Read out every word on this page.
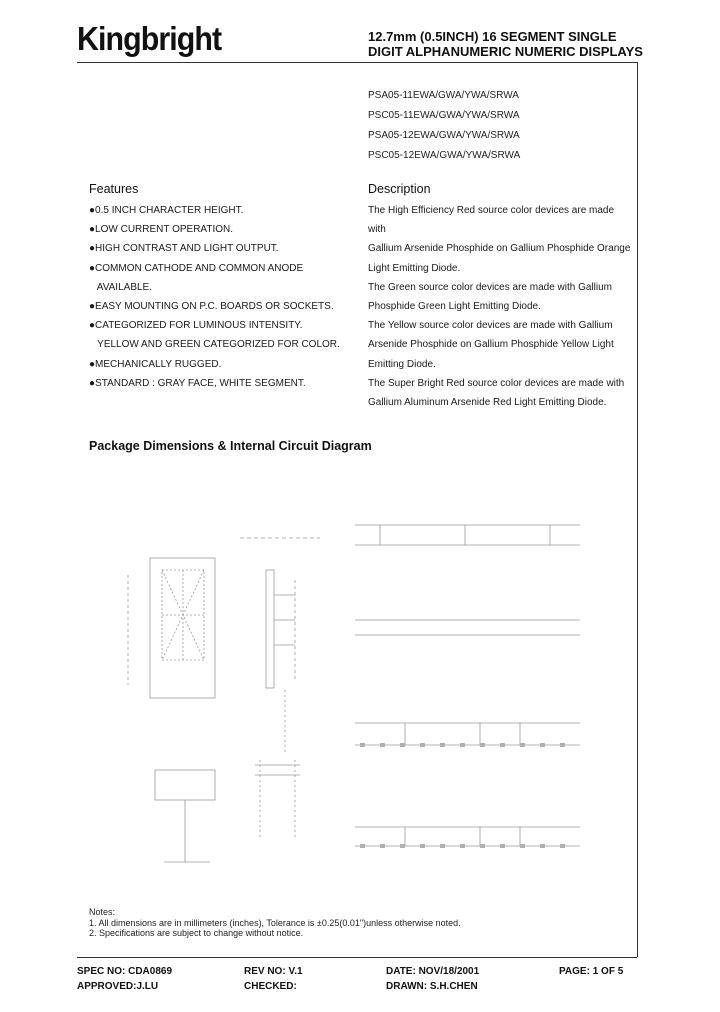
Kingbright	12.7mm (0.5INCH) 16 SEGMENT SINGLE
DIGIT ALPHANUMERIC NUMERIC DISPLAYS
PSA05-11EWA/GWA/YWA/SRWA
PSC05-11EWA/GWA/YWA/SRWA
PSA05-12EWA/GWA/YWA/SRWA
PSC05-12EWA/GWA/YWA/SRWA
Features
●0.5 INCH CHARACTER HEIGHT.
●LOW CURRENT OPERATION.
●HIGH CONTRAST AND LIGHT OUTPUT.
●COMMON CATHODE AND COMMON ANODE
AVAILABLE.
●EASY MOUNTING ON P.C. BOARDS OR SOCKETS.
●CATEGORIZED FOR LUMINOUS INTENSITY.
YELLOW AND GREEN CATEGORIZED FOR COLOR.
●MECHANICALLY RUGGED.
●STANDARD : GRAY FACE, WHITE SEGMENT.
Description

The High Efficiency Red source color devices are made with

Gallium Arsenide Phosphide on Gallium Phosphide Orange

Light Emitting Diode.

The Green source color devices are made with Gallium

Phosphide Green Light Emitting Diode.

The Yellow source color devices are made with Gallium

Arsenide Phosphide on Gallium Phosphide Yellow Light

Emitting Diode.

The Super Bright Red source color devices are made with

Gallium Aluminum Arsenide Red Light Emitting Diode.

Package Dimensions & Internal Circuit Diagram
Notes:
1. All dimensions are in millimeters (inches), Tolerance is ±0.25(0.01")unless otherwise noted.
2. Specifications are subject to change without notice.
SPEC NO: CDA0869	REV NO: V.1	DATE: NOV/18/2001	PAGE: 1 OF 5
APPROVED:J.LU	CHECKED:	DRAWN: S.H.CHEN
